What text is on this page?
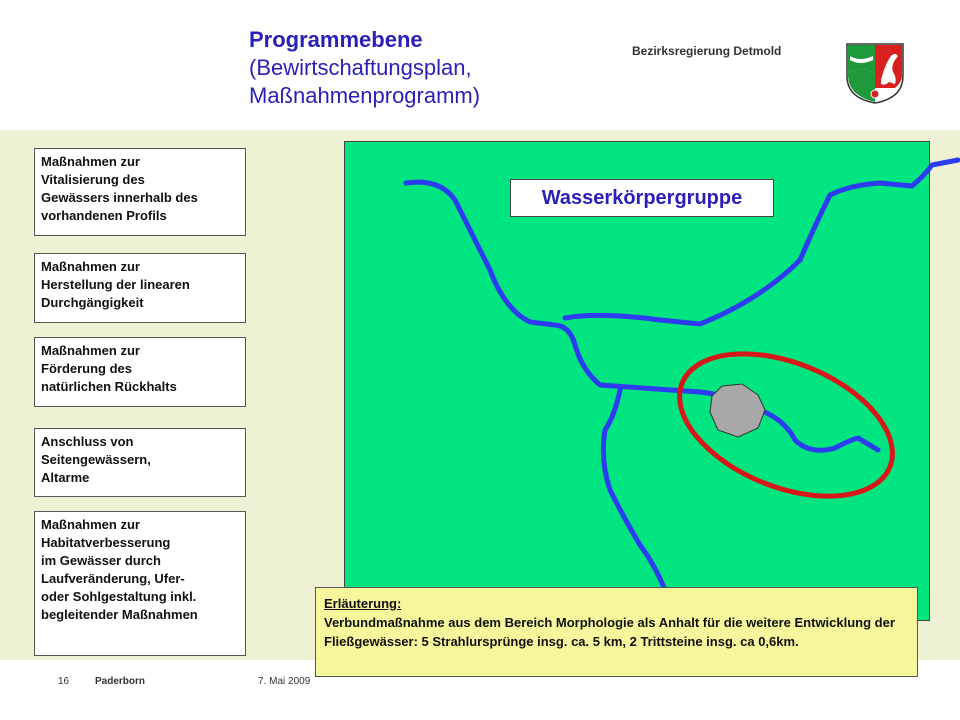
Programmebene
(Bewirtschaftungsplan,
Maßnahmenprogramm)
Bezirksregierung Detmold
Maßnahmen zur
Vitalisierung des
Gewässers innerhalb des
vorhandenen Profils
Maßnahmen zur
Herstellung der linearen
Durchgängigkeit
Maßnahmen zur
Förderung des
natürlichen Rückhalts
Anschluss von
Seitengewässern,
Altarme
Maßnahmen zur
Habitatverbesserung
im Gewässer durch
Laufveränderung, Ufer-
oder Sohlgestaltung inkl.
begleitender Maßnahmen
Wasserkörpergruppe
Erläuterung:
Verbundmaßnahme aus dem Bereich Morphologie als Anhalt für die weitere Entwicklung der Fließgewässer: 5 Strahlursprünge insg. ca. 5 km, 2 Trittsteine insg. ca 0,6km.
16	Paderborn	7. Mai 2009
